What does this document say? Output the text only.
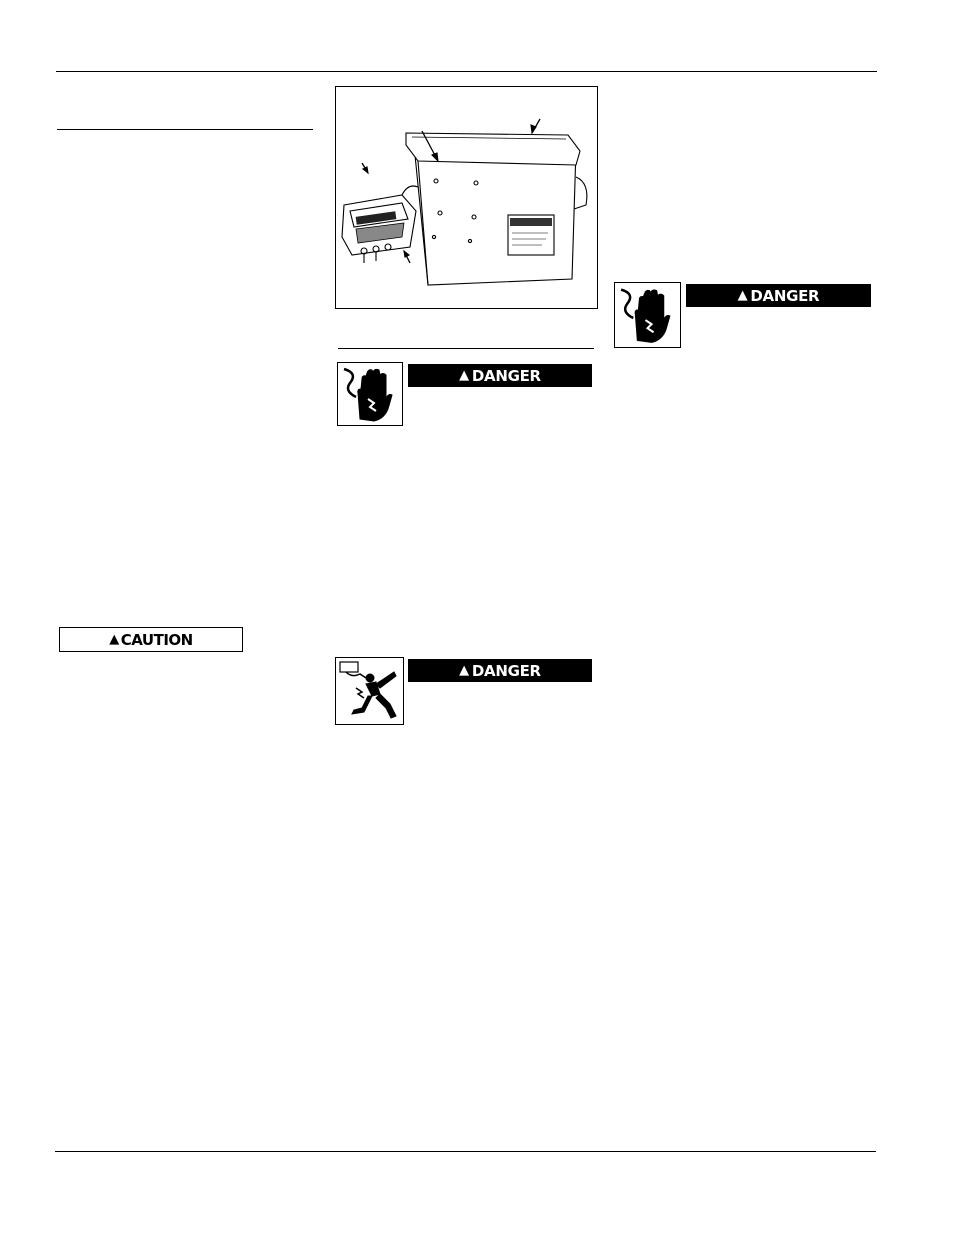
▲ DANGER
▲ DANGER
▲ DANGER
▲ CAUTION
